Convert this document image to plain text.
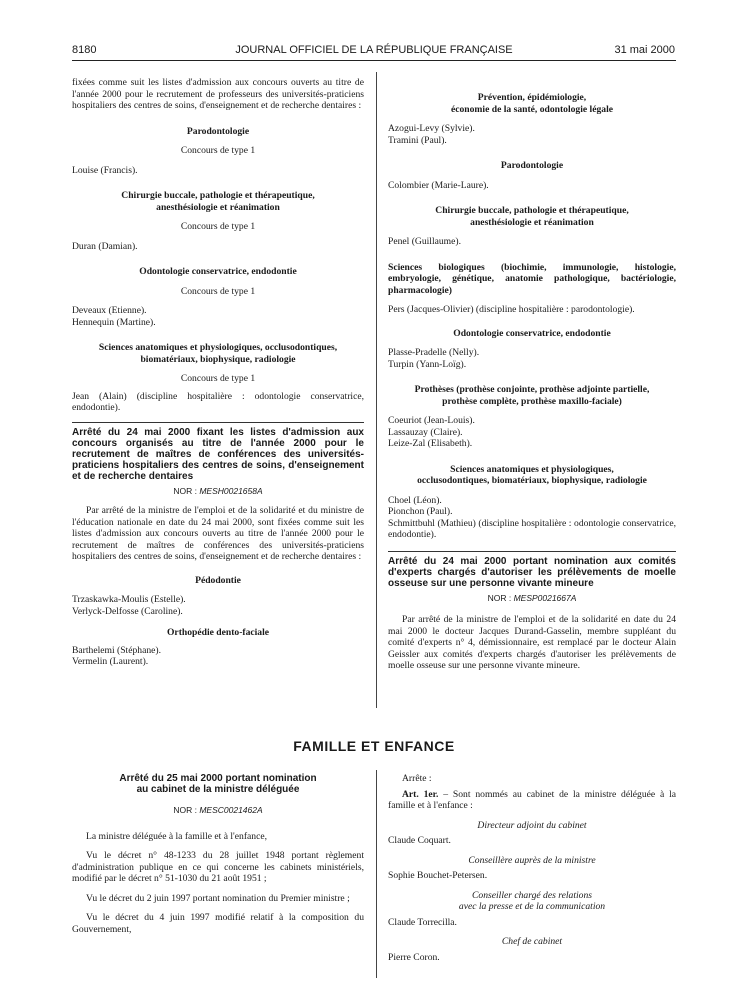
8180	JOURNAL OFFICIEL DE LA RÉPUBLIQUE FRANÇAISE	31 mai 2000

fixées comme suit les listes d'admission aux concours ouverts au titre de l'année 2000 pour le recrutement de professeurs des universités-praticiens hospitaliers des centres de soins, d'enseignement et de recherche dentaires :

Parodontologie

Concours de type 1

Louise (Francis).

Chirurgie buccale, pathologie et thérapeutique,

anesthésiologie et réanimation

Concours de type 1

Duran (Damian).

Odontologie conservatrice, endodontie

Concours de type 1

Deveaux (Etienne).

Hennequin (Martine).

Sciences anatomiques et physiologiques, occlusodontiques,

biomatériaux, biophysique, radiologie

Concours de type 1

Jean (Alain) (discipline hospitalière : odontologie conservatrice, endodontie).

Arrêté du 24 mai 2000 fixant les listes d'admission aux concours organisés au titre de l'année 2000 pour le recrutement de maîtres de conférences des universités-praticiens hospitaliers des centres de soins, d'enseignement et de recherche dentaires

NOR : MESH0021658A

Par arrêté de la ministre de l'emploi et de la solidarité et du ministre de l'éducation nationale en date du 24 mai 2000, sont fixées comme suit les listes d'admission aux concours ouverts au titre de l'année 2000 pour le recrutement de maîtres de conférences des universités-praticiens hospitaliers des centres de soins, d'enseignement et de recherche dentaires :

Pédodontie

Trzaskawka-Moulis (Estelle).

Verlyck-Delfosse (Caroline).

Orthopédie dento-faciale

Barthelemi (Stéphane).

Vermelin (Laurent).

Prévention, épidémiologie,

économie de la santé, odontologie légale

Azogui-Levy (Sylvie).

Tramini (Paul).

Parodontologie

Colombier (Marie-Laure).

Chirurgie buccale, pathologie et thérapeutique,

anesthésiologie et réanimation

Penel (Guillaume).

Sciences biologiques (biochimie, immunologie, histologie, embryologie, génétique, anatomie pathologique, bactériologie, pharmacologie)

Pers (Jacques-Olivier) (discipline hospitalière : parodontologie).

Odontologie conservatrice, endodontie

Plasse-Pradelle (Nelly).

Turpin (Yann-Loïg).

Prothèses (prothèse conjointe, prothèse adjointe partielle,

prothèse complète, prothèse maxillo-faciale)

Coeuriot (Jean-Louis).

Lassauzay (Claire).

Leize-Zal (Elisabeth).

Sciences anatomiques et physiologiques,

occlusodontiques, biomatériaux, biophysique, radiologie

Choel (Léon).

Pionchon (Paul).

Schmittbuhl (Mathieu) (discipline hospitalière : odontologie conservatrice, endodontie).

Arrêté du 24 mai 2000 portant nomination aux comités d'experts chargés d'autoriser les prélèvements de moelle osseuse sur une personne vivante mineure

NOR : MESP0021667A

Par arrêté de la ministre de l'emploi et de la solidarité en date du 24 mai 2000 le docteur Jacques Durand-Gasselin, membre suppléant du comité d'experts n° 4, démissionnaire, est remplacé par le docteur Alain Geissler aux comités d'experts chargés d'autoriser les prélèvements de moelle osseuse sur une personne vivante mineure.

FAMILLE ET ENFANCE

Arrêté du 25 mai 2000 portant nomination

au cabinet de la ministre déléguée

NOR : MESC0021462A

La ministre déléguée à la famille et à l'enfance,

Vu le décret n° 48-1233 du 28 juillet 1948 portant règlement d'administration publique en ce qui concerne les cabinets ministériels, modifié par le décret n° 51-1030 du 21 août 1951 ;

Vu le décret du 2 juin 1997 portant nomination du Premier ministre ;

Vu le décret du 4 juin 1997 modifié relatif à la composition du Gouvernement,

Arrête :

Art. 1er. – Sont nommés au cabinet de la ministre déléguée à la famille et à l'enfance :

Directeur adjoint du cabinet

Claude Coquart.

Conseillère auprès de la ministre

Sophie Bouchet-Petersen.

Conseiller chargé des relations

avec la presse et de la communication

Claude Torrecilla.

Chef de cabinet

Pierre Coron.
